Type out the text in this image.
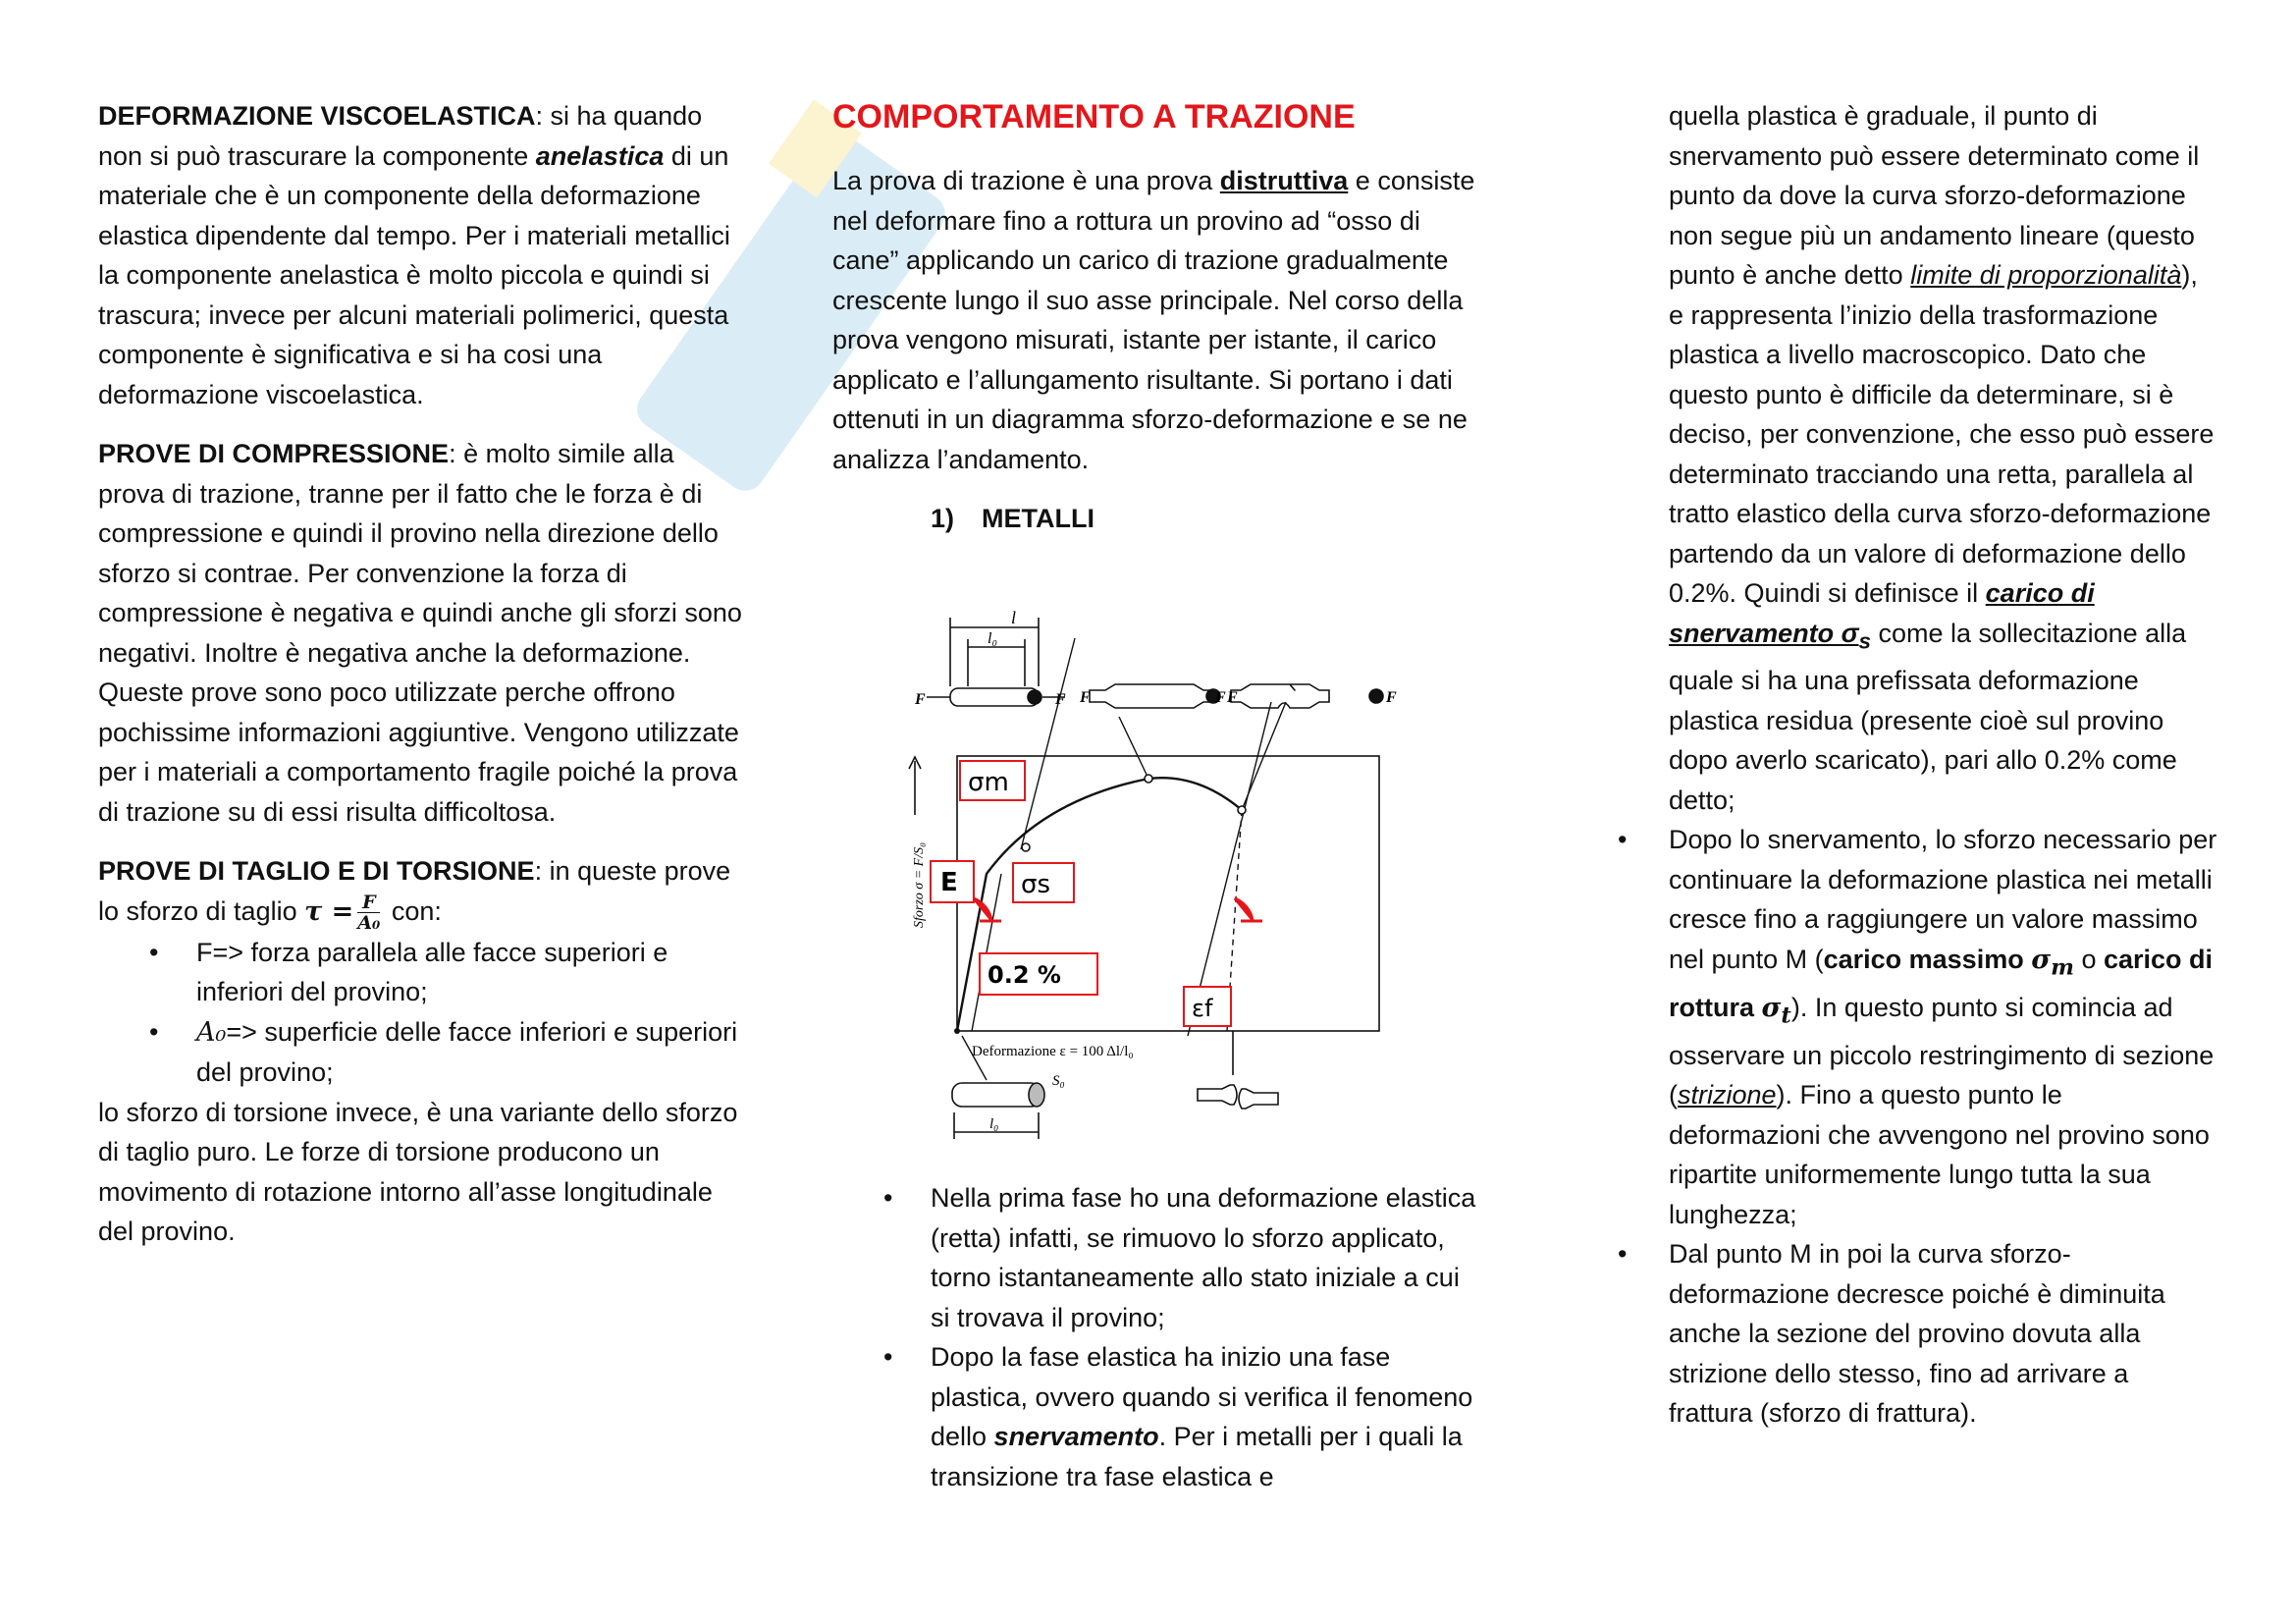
DEFORMAZIONE VISCOELASTICA: si ha quando non si può trascurare la componente anelastica di un materiale che è un componente della deformazione elastica dipendente dal tempo. Per i materiali metallici la componente anelastica è molto piccola e quindi si trascura; invece per alcuni materiali polimerici, questa componente è significativa e si ha cosi una deformazione viscoelastica.

PROVE DI COMPRESSIONE: è molto simile alla prova di trazione, tranne per il fatto che le forza è di compressione e quindi il provino nella direzione dello sforzo si contrae. Per convenzione la forza di compressione è negativa e quindi anche gli sforzi sono negativi. Inoltre è negativa anche la deformazione. Queste prove sono poco utilizzate perche offrono pochissime informazioni aggiuntive. Vengono utilizzate per i materiali a comportamento fragile poiché la prova di trazione su di essi risulta difficoltosa.

PROVE DI TAGLIO E DI TORSIONE: in queste prove lo sforzo di taglio $\tau = \frac{F}{\text{A₀}}$ con:

• F=> forza parallela alle facce superiori e inferiori del provino;
• A₀=> superficie delle facce inferiori e superiori del provino;

lo sforzo di torsione invece, è una variante dello sforzo di taglio puro. Le forze di torsione producono un movimento di rotazione intorno all’asse longitudinale del provino.

COMPORTAMENTO A TRAZIONE

La prova di trazione è una prova distruttiva e consiste nel deformare fino a rottura un provino ad “osso di cane” applicando un carico di trazione gradualmente crescente lungo il suo asse principale. Nel corso della prova vengono misurati, istante per istante, il carico applicato e l’allungamento risultante. Si portano i dati ottenuti in un diagramma sforzo-deformazione e se ne analizza l’andamento.

1) METALLI
l
l₀
F	F F	F F	F
Sforzo σ = F/S₀
σm
E σs
0.2 %
εf
Deformazione ε = 100 Δl/l₀
S₀
l₀
• Nella prima fase ho una deformazione elastica (retta) infatti, se rimuovo lo sforzo applicato, torno istantaneamente allo stato iniziale a cui si trovava il provino;
• Dopo la fase elastica ha inizio una fase plastica, ovvero quando si verifica il fenomeno dello snervamento. Per i metalli per i quali la transizione tra fase elastica e

quella plastica è graduale, il punto di snervamento può essere determinato come il punto da dove la curva sforzo-deformazione non segue più un andamento lineare (questo punto è anche detto limite di proporzionalità), e rappresenta l’inizio della trasformazione plastica a livello macroscopico. Dato che questo punto è difficile da determinare, si è deciso, per convenzione, che esso può essere determinato tracciando una retta, parallela al tratto elastico della curva sforzo-deformazione partendo da un valore di deformazione dello 0.2%. Quindi si definisce il carico di snervamento $\sigma_s$ come la sollecitazione alla quale si ha una prefissata deformazione plastica residua (presente cioè sul provino dopo averlo scaricato), pari allo 0.2% come detto;

• Dopo lo snervamento, lo sforzo necessario per continuare la deformazione plastica nei metalli cresce fino a raggiungere un valore massimo nel punto M (carico massimo $\sigma_m$ o carico di rottura $\sigma_t$). In questo punto si comincia ad osservare un piccolo restringimento di sezione (strizione). Fino a questo punto le deformazioni che avvengono nel provino sono ripartite uniformemente lungo tutta la sua lunghezza;
• Dal punto M in poi la curva sforzo-deformazione decresce poiché è diminuita anche la sezione del provino dovuta alla strizione dello stesso, fino ad arrivare a frattura (sforzo di frattura).
